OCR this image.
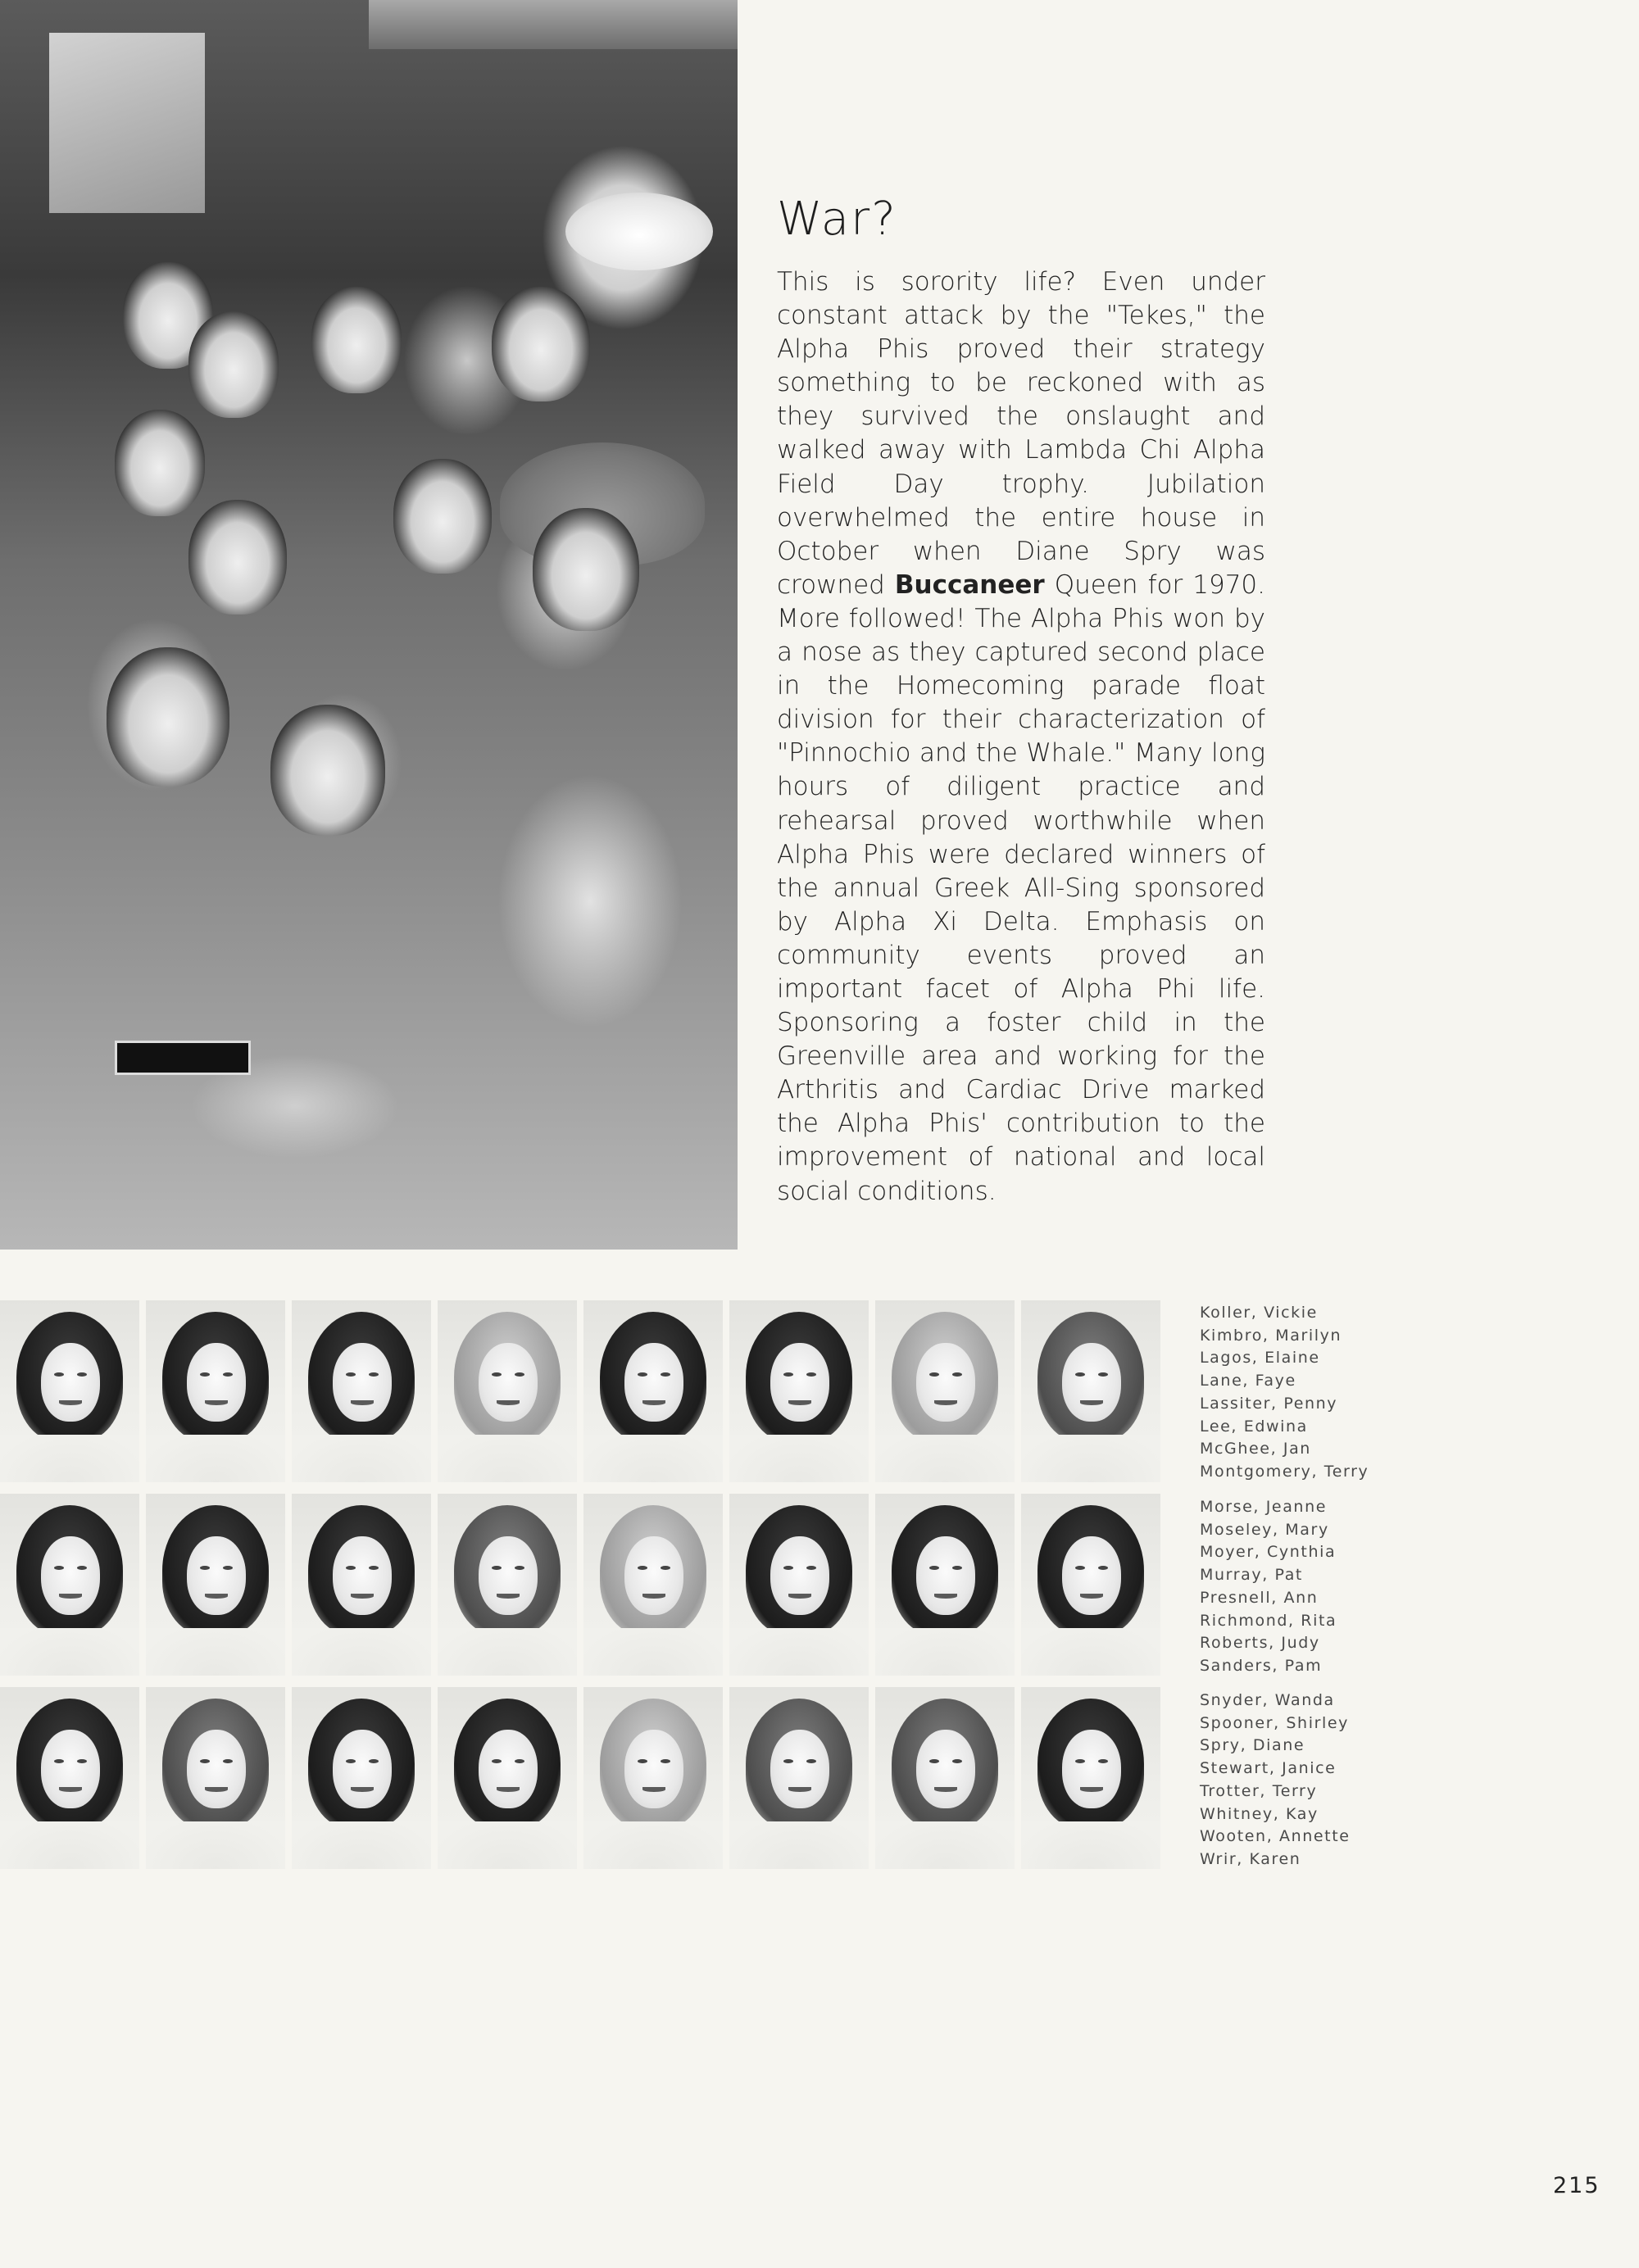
War?

This is sorority life? Even under constant attack by the "Tekes," the Alpha Phis proved their strategy something to be reckoned with as they survived the onslaught and walked away with Lambda Chi Alpha Field Day trophy. Jubilation overwhelmed the entire house in October when Diane Spry was crowned Buccaneer Queen for 1970. More followed! The Alpha Phis won by a nose as they captured second place in the Homecoming parade float division for their characterization of "Pinnochio and the Whale." Many long hours of diligent practice and rehearsal proved worthwhile when Alpha Phis were declared winners of the annual Greek All-Sing sponsored by Alpha Xi Delta. Emphasis on community events proved an important facet of Alpha Phi life. Sponsoring a foster child in the Greenville area and working for the Arthritis and Cardiac Drive marked the Alpha Phis' contribution to the improvement of national and local social conditions.

Koller, Vickie
Kimbro, Marilyn
Lagos, Elaine
Lane, Faye
Lassiter, Penny
Lee, Edwina
McGhee, Jan
Montgomery, Terry
Morse, Jeanne
Moseley, Mary
Moyer, Cynthia
Murray, Pat
Presnell, Ann
Richmond, Rita
Roberts, Judy
Sanders, Pam
Snyder, Wanda
Spooner, Shirley
Spry, Diane
Stewart, Janice
Trotter, Terry
Whitney, Kay
Wooten, Annette
Wrir, Karen
215
